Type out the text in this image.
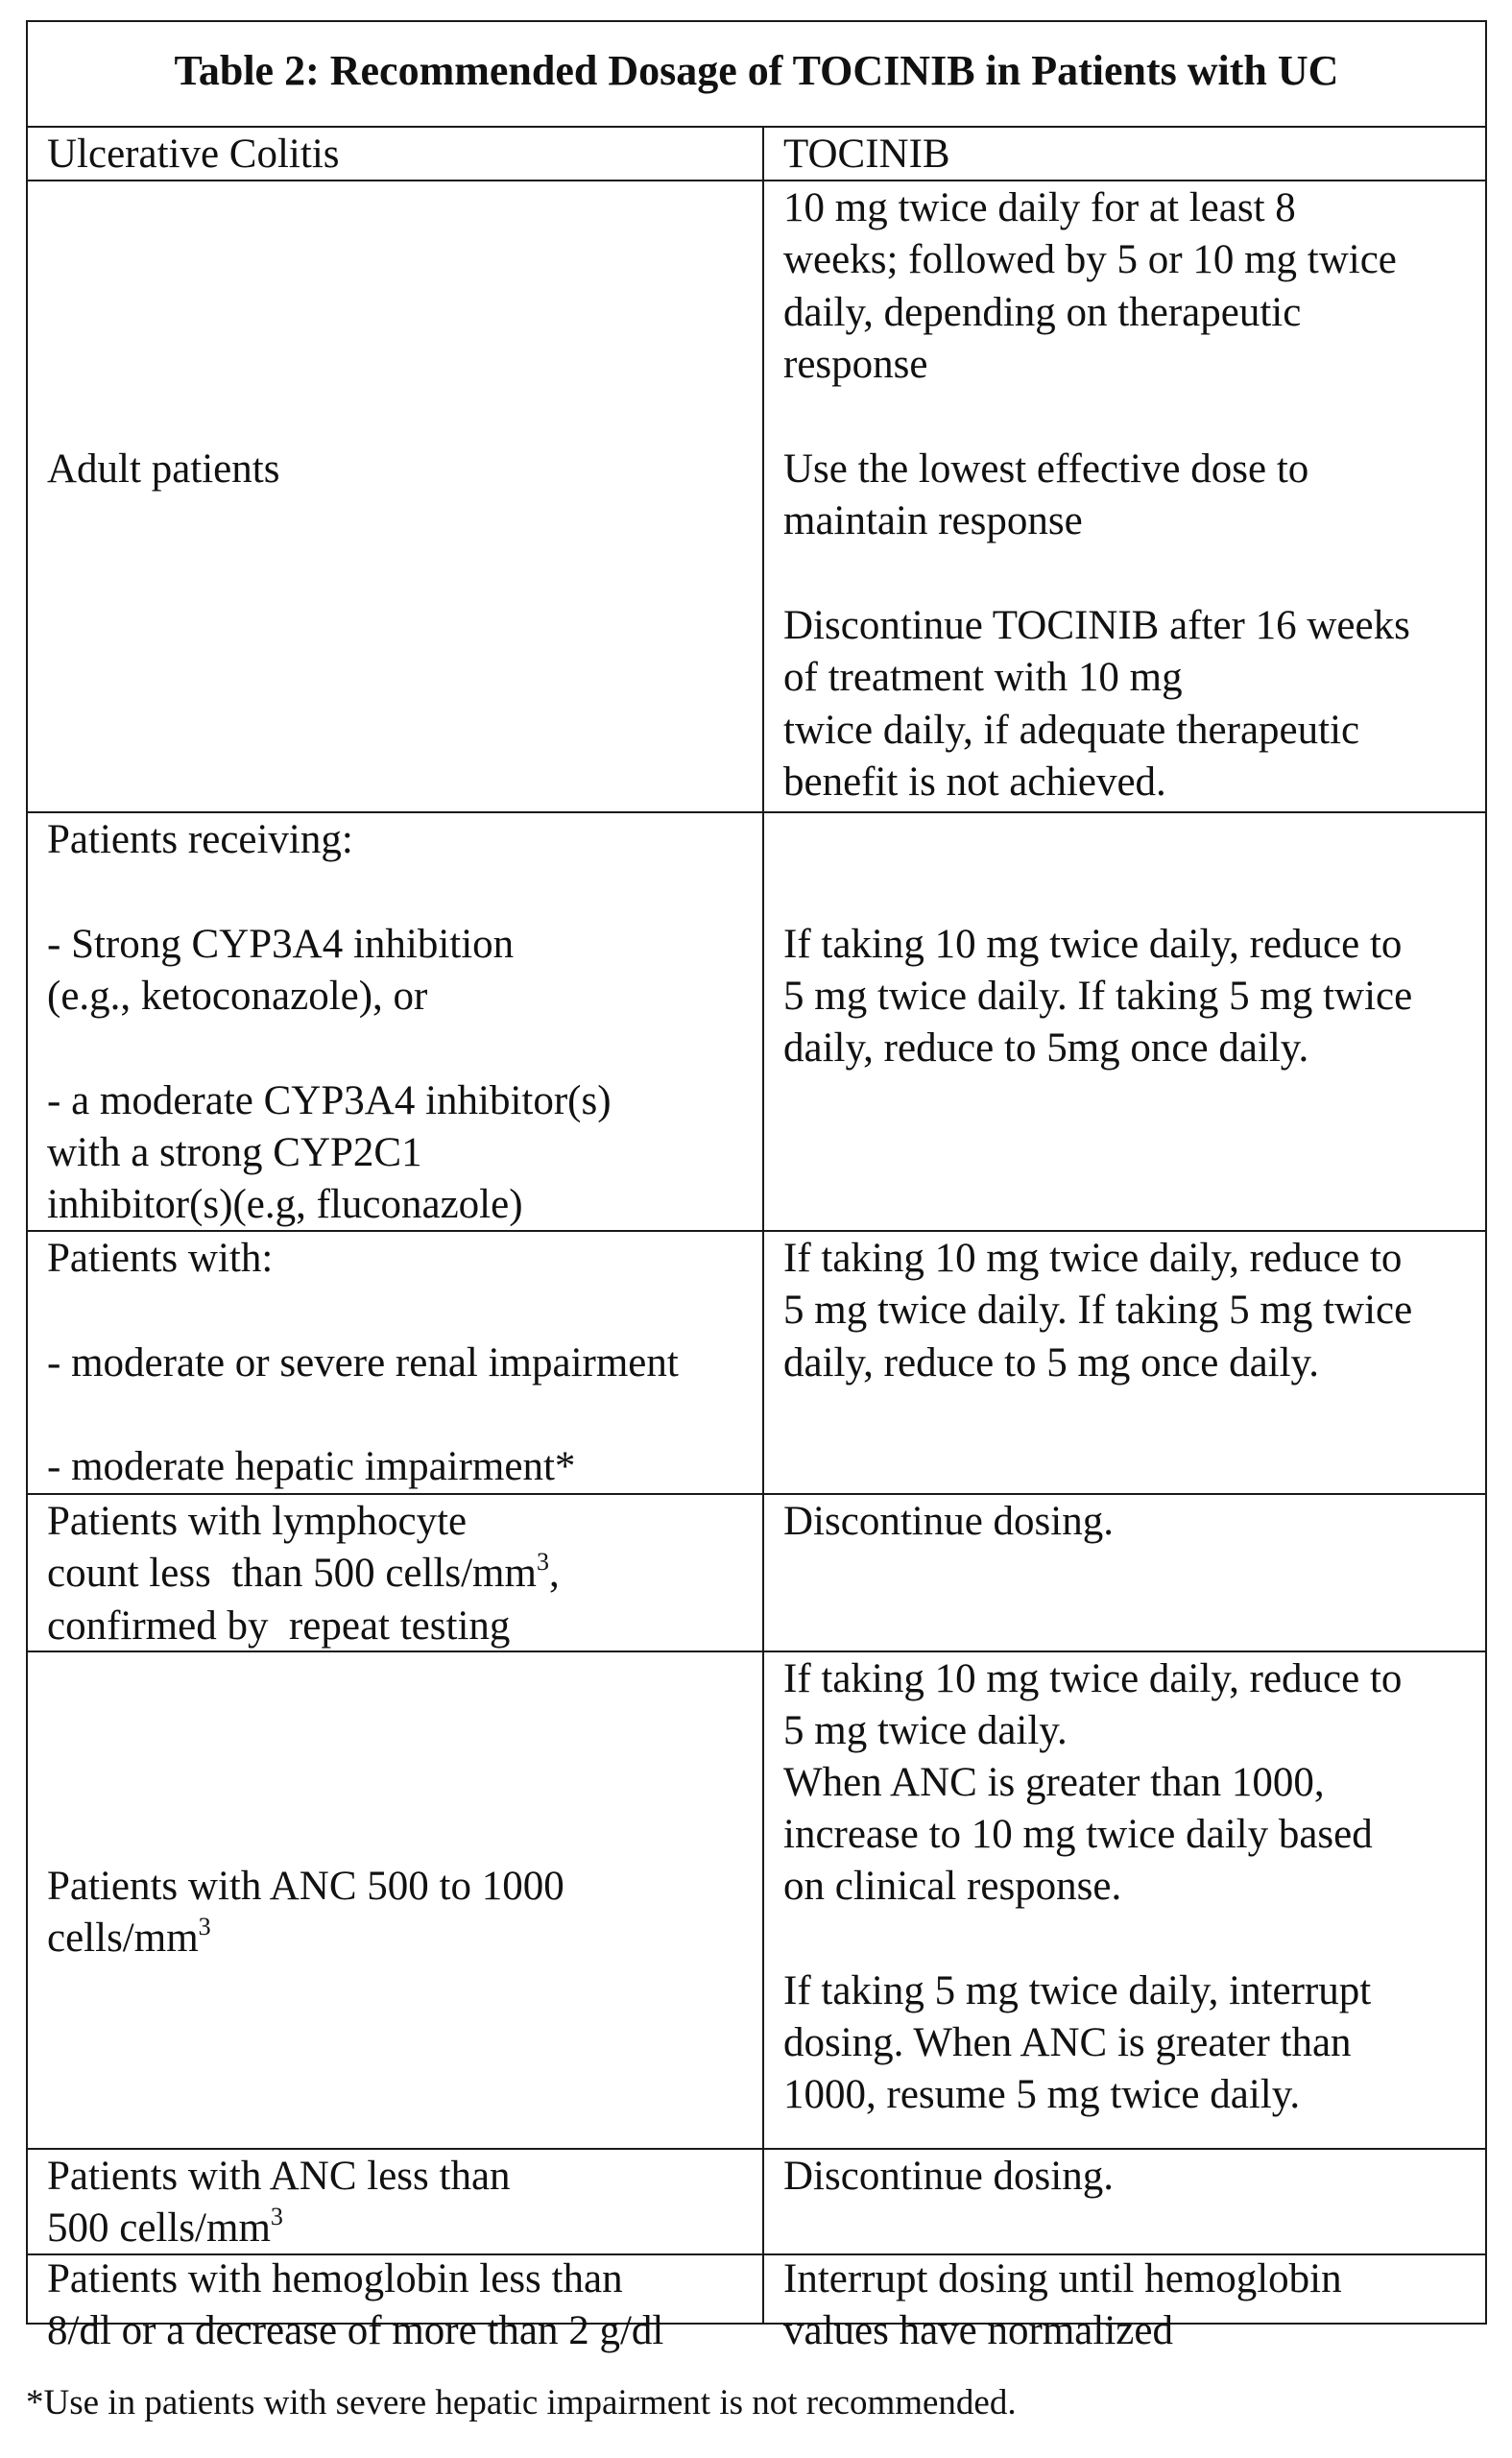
Table 2: Recommended Dosage of TOCINIB in Patients with UC
Ulcerative Colitis	TOCINIB
Adult patients
10 mg twice daily for at least 8
weeks; followed by 5 or 10 mg twice
daily, depending on therapeutic
response
Use the lowest effective dose to
maintain response
Discontinue TOCINIB after 16 weeks
of treatment with 10 mg
twice daily, if adequate therapeutic
benefit is not achieved.
Patients receiving:
- Strong CYP3A4 inhibition
(e.g., ketoconazole), or
- a moderate CYP3A4 inhibitor(s)
with a strong CYP2C1
inhibitor(s)(e.g, fluconazole)
If taking 10 mg twice daily, reduce to
5 mg twice daily. If taking 5 mg twice
daily, reduce to 5mg once daily.
Patients with:
- moderate or severe renal impairment
- moderate hepatic impairment*
If taking 10 mg twice daily, reduce to
5 mg twice daily. If taking 5 mg twice
daily, reduce to 5 mg once daily.
Patients with lymphocyte
count less  than 500 cells/$mm^3$,
confirmed by  repeat testing
Discontinue dosing.
Patients with ANC 500 to 1000
cells/$mm^3$
If taking 10 mg twice daily, reduce to
5 mg twice daily.
When ANC is greater than 1000,
increase to 10 mg twice daily based
on clinical response.
If taking 5 mg twice daily, interrupt
dosing. When ANC is greater than
1000, resume 5 mg twice daily.
Patients with ANC less than
500 cells/$mm^3$
Discontinue dosing.
Patients with hemoglobin less than
8/dl or a decrease of more than 2 g/dl
Interrupt dosing until hemoglobin
values have normalized
*Use in patients with severe hepatic impairment is not recommended.
